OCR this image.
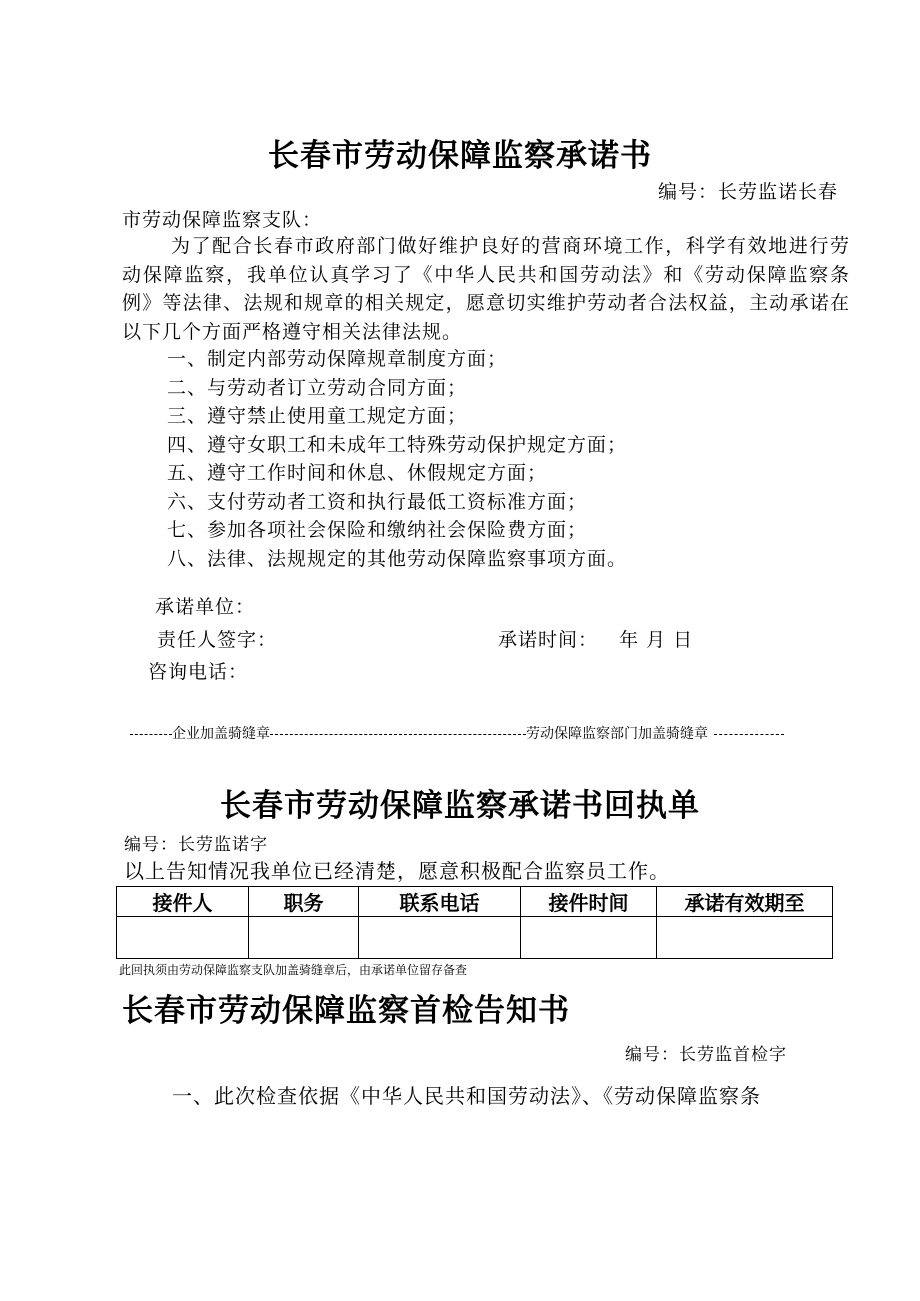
长春市劳动保障监察承诺书
编号：长劳监诺长春
市劳动保障监察支队：
为了配合长春市政府部门做好维护良好的营商环境工作，科学有效地进行劳动保障监察，我单位认真学习了《中华人民共和国劳动法》和《劳动保障监察条例》等法律、法规和规章的相关规定，愿意切实维护劳动者合法权益，主动承诺在以下几个方面严格遵守相关法律法规。
一、制定内部劳动保障规章制度方面；
二、与劳动者订立劳动合同方面；
三、遵守禁止使用童工规定方面；
四、遵守女职工和未成年工特殊劳动保护规定方面；
五、遵守工作时间和休息、休假规定方面；
六、支付劳动者工资和执行最低工资标准方面；
七、参加各项社会保险和缴纳社会保险费方面；
八、法律、法规规定的其他劳动保障监察事项方面。
承诺单位：
责任人签字：	承诺时间： 年 月 日
咨询电话：
企业加盖骑缝章	劳动保障监察部门加盖骑缝章
长春市劳动保障监察承诺书回执单
编号：长劳监诺字
以上告知情况我单位已经清楚，愿意积极配合监察员工作。
接件人	职务	联系电话	接件时间	承诺有效期至

此回执须由劳动保障监察支队加盖骑缝章后，由承诺单位留存备查
长春市劳动保障监察首检告知书
编号：长劳监首检字
一、此次检查依据《中华人民共和国劳动法》、《劳动保障监察条
